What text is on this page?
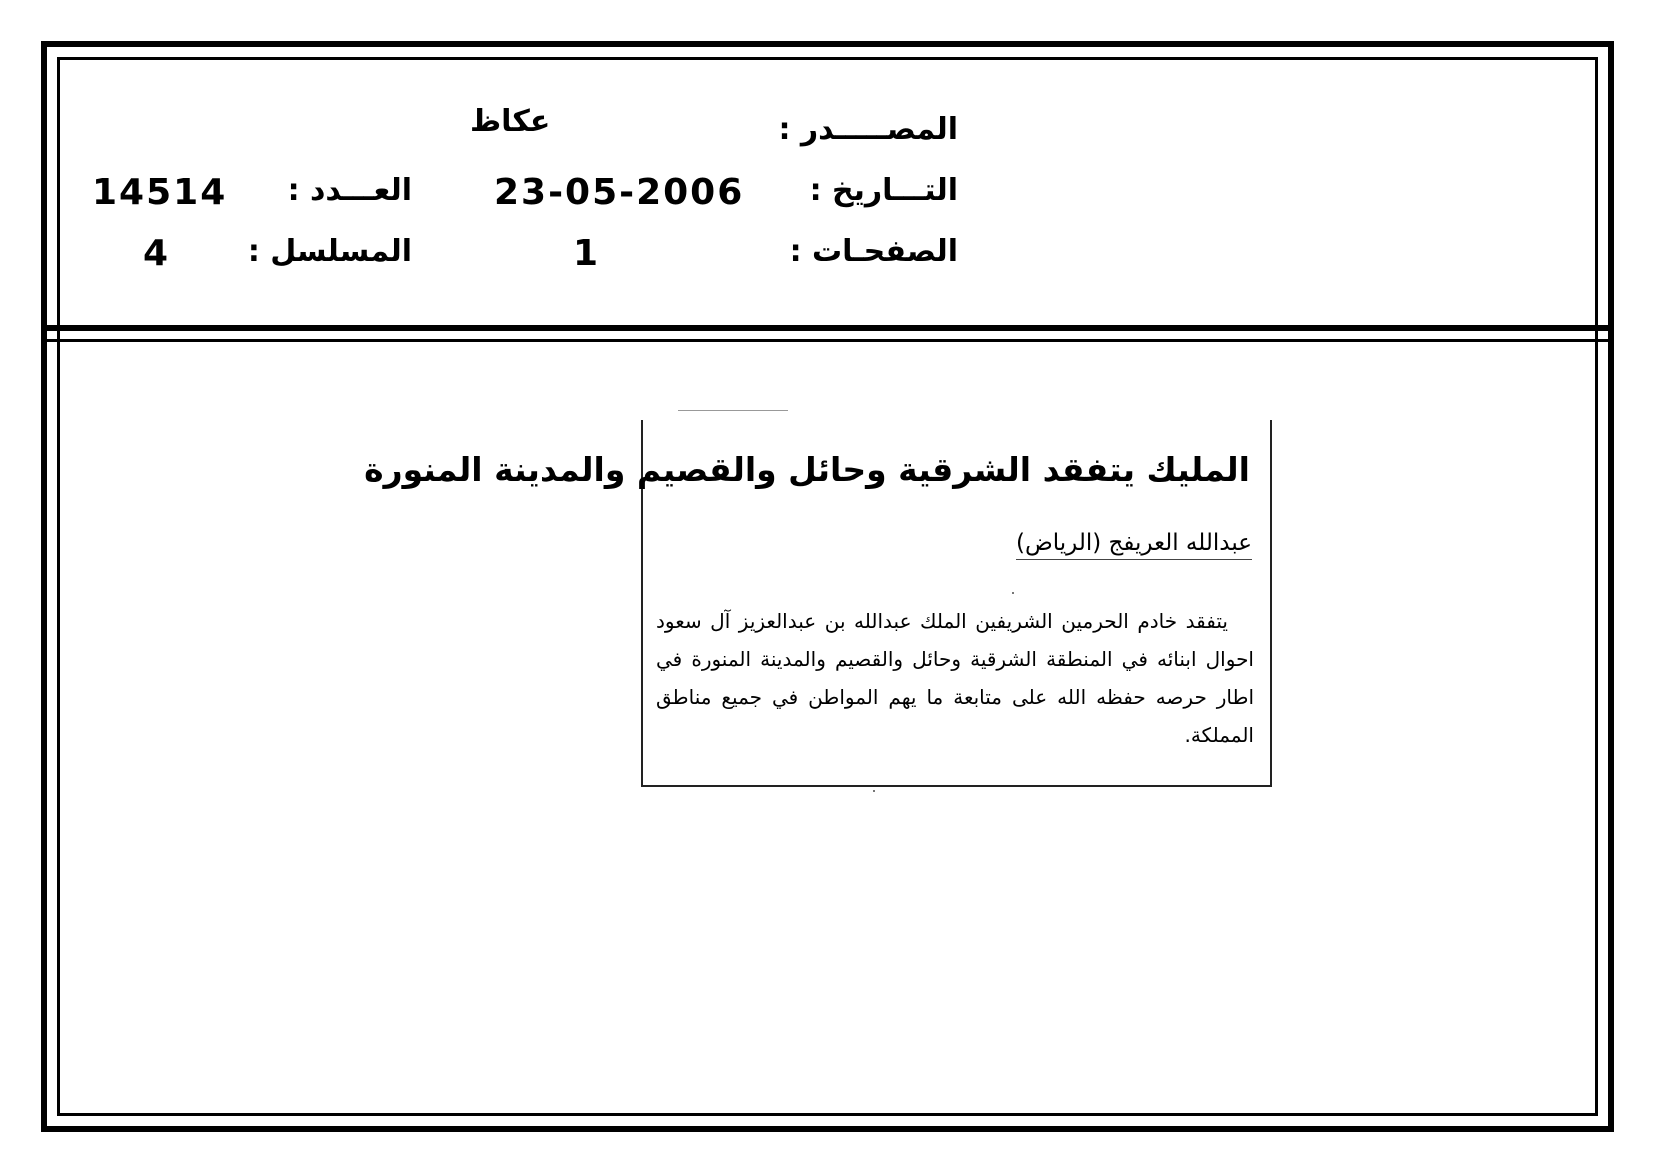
المصـــــدر :
عكاظ
التـــاريخ :
23-05-2006
العـــدد :
14514
الصفحـات :
1
المسلسل :
4
المليك يتفقد الشرقية وحائل والقصيم والمدينة المنورة
عبدالله العريفج (الرياض)

يتفقد خادم الحرمين الشريفين الملك عبدالله بن عبدالعزيز آل سعود احوال ابنائه في المنطقة الشرقية وحائل والقصيم والمدينة المنورة في اطار حرصه حفظه الله على متابعة ما يهم المواطن في جميع مناطق المملكة.
